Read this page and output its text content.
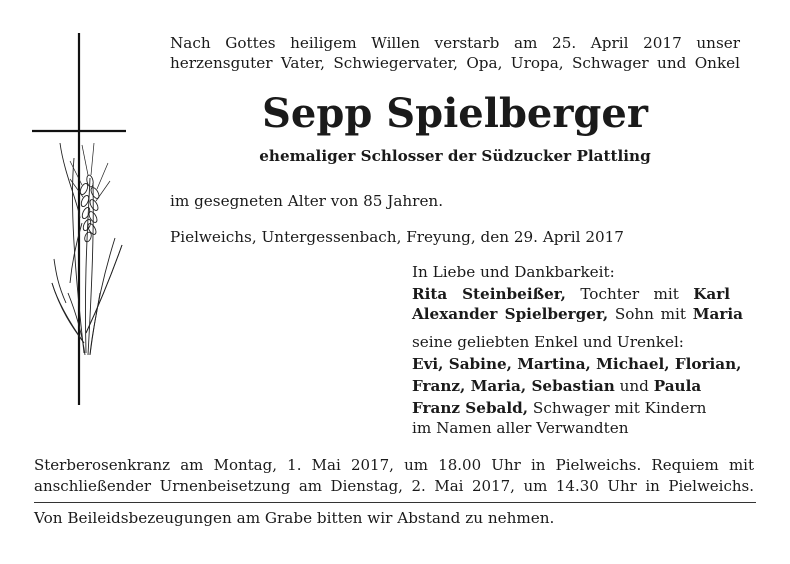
Nach Gottes heiligem Willen verstarb am 25. April 2017 unser
herzensguter Vater, Schwiegervater, Opa, Uropa, Schwager und Onkel
Sepp Spielberger
ehemaliger Schlosser der Südzucker Plattling
im gesegneten Alter von 85 Jahren.
Pielweichs, Untergessenbach, Freyung, den 29. April 2017
In Liebe und Dankbarkeit:
Rita Steinbeißer, Tochter mit Karl
Alexander Spielberger, Sohn mit Maria
seine geliebten Enkel und Urenkel:
Evi, Sabine, Martina, Michael, Florian,
Franz, Maria, Sebastian und Paula
Franz Sebald, Schwager mit Kindern
im Namen aller Verwandten
Sterberosenkranz am Montag, 1. Mai 2017, um 18.00 Uhr in Pielweichs. Requiem mit
anschließender Urnenbeisetzung am Dienstag, 2. Mai 2017, um 14.30 Uhr in Pielweichs.
Von Beileidsbezeugungen am Grabe bitten wir Abstand zu nehmen.
